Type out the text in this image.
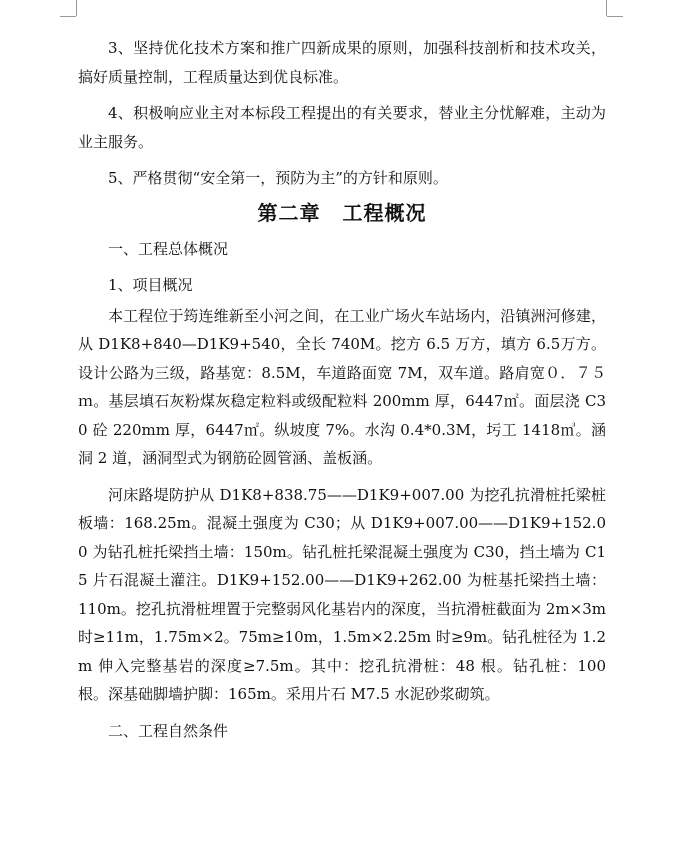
3、坚持优化技术方案和推广四新成果的原则，加强科技剖析和技术攻关，搞好质量控制，工程质量达到优良标准。

4、积极响应业主对本标段工程提出的有关要求，替业主分忧解难，主动为业主服务。

5、严格贯彻“安全第一，预防为主”的方针和原则。

第二章 工程概况

一、工程总体概况

1、项目概况

本工程位于筠连维新至小河之间，在工业广场火车站场内，沿镇洲河修建，从 D1K8+840—D1K9+540，全长 740M。挖方 6.5 万方，填方 6.5万方。设计公路为三级，路基宽：8.5M，车道路面宽 7M，双车道。路肩宽０．７５ｍ。基层填石灰粉煤灰稳定粒料或级配粒料 200mm 厚，6447㎡。面层浇 C30 砼 220mm 厚，6447㎡。纵坡度 7%。水沟 0.4*0.3M，圬工 1418㎥。涵洞 2 道，涵洞型式为钢筋砼圆管涵、盖板涵。

河床路堤防护从 D1K8+838.75——D1K9+007.00 为挖孔抗滑桩托梁桩板墙：168.25m。混凝土强度为 C30；从 D1K9+007.00——D1K9+152.00 为钻孔桩托梁挡土墙：150m。钻孔桩托梁混凝土强度为 C30，挡土墙为 C15 片石混凝土灌注。D1K9+152.00——D1K9+262.00 为桩基托梁挡土墙：110m。挖孔抗滑桩埋置于完整弱风化基岩内的深度，当抗滑桩截面为 2m×3m 时≥11m，1.75m×2。75m≥10m，1.5m×2.25m 时≥9m。钻孔桩径为 1.2m 伸入完整基岩的深度≥7.5m。其中：挖孔抗滑桩：48 根。钻孔桩：100 根。深基础脚墙护脚：165m。采用片石 M7.5 水泥砂浆砌筑。

二、工程自然条件
